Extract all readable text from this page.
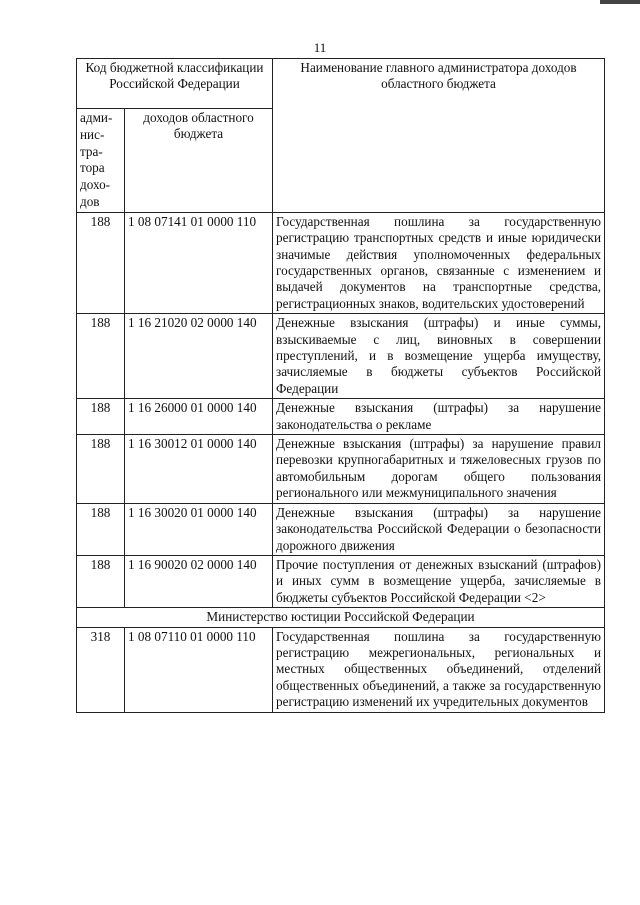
11
Код бюджетной классификации Российской Федерации		Наименование главного администратора доходов областного бюджета
адми-нис-тра-тора дохо-дов	доходов областного бюджета	
188	1 08 07141 01 0000 110	Государственная пошлина за государственную регистрацию транспортных средств и иные юридически значимые действия уполномоченных федеральных государственных органов, связанные с изменением и выдачей документов на транспортные средства, регистрационных знаков, водительских удостоверений
188	1 16 21020 02 0000 140	Денежные взыскания (штрафы) и иные суммы, взыскиваемые с лиц, виновных в совершении преступлений, и в возмещение ущерба имуществу, зачисляемые в бюджеты субъектов Российской Федерации
188	1 16 26000 01 0000 140	Денежные взыскания (штрафы) за нарушение законодательства о рекламе
188	1 16 30012 01 0000 140	Денежные взыскания (штрафы) за нарушение правил перевозки крупногабаритных и тяжеловесных грузов по автомобильным дорогам общего пользования регионального или межмуниципального значения
188	1 16 30020 01 0000 140	Денежные взыскания (штрафы) за нарушение законодательства Российской Федерации о безопасности дорожного движения
188	1 16 90020 02 0000 140	Прочие поступления от денежных взысканий (штрафов) и иных сумм в возмещение ущерба, зачисляемые в бюджеты субъектов Российской Федерации <2>
Министерство юстиции Российской Федерации		
318	1 08 07110 01 0000 110	Государственная пошлина за государственную регистрацию межрегиональных, региональных и местных общественных объединений, отделений общественных объединений, а также за государственную регистрацию изменений их учредительных документов
